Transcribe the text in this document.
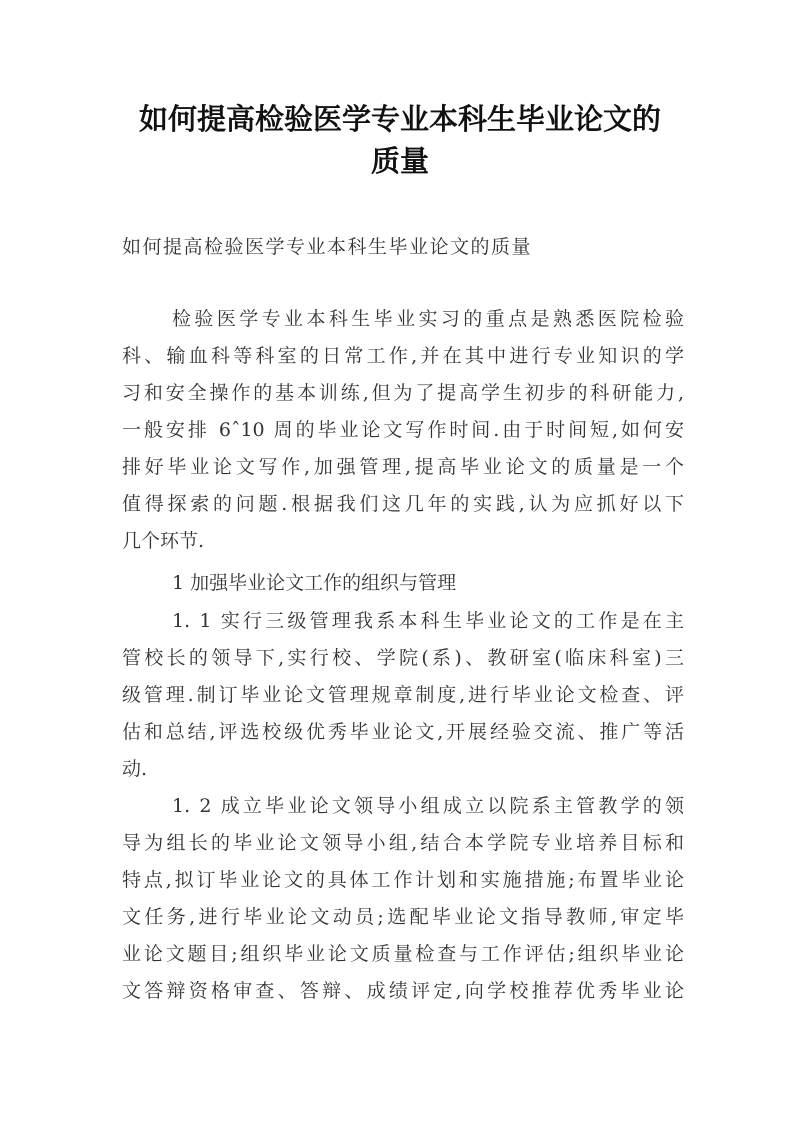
如何提高检验医学专业本科生毕业论文的
质量
如何提高检验医学专业本科生毕业论文的质量
检验医学专业本科生毕业实习的重点是熟悉医院检验
科、输血科等科室的日常工作,并在其中进行专业知识的学
习和安全操作的基本训练,但为了提高学生初步的科研能力,
一般安排 6ˆ10 周的毕业论文写作时间.由于时间短,如何安
排好毕业论文写作,加强管理,提高毕业论文的质量是一个
值得探索的问题.根据我们这几年的实践,认为应抓好以下
几个环节.
1 加强毕业论文工作的组织与管理
1. 1 实行三级管理我系本科生毕业论文的工作是在主
管校长的领导下,实行校、学院(系)、教研室(临床科室)三
级管理.制订毕业论文管理规章制度,进行毕业论文检查、评
估和总结,评选校级优秀毕业论文,开展经验交流、推广等活
动.
1. 2 成立毕业论文领导小组成立以院系主管教学的领
导为组长的毕业论文领导小组,结合本学院专业培养目标和
特点,拟订毕业论文的具体工作计划和实施措施;布置毕业论
文任务,进行毕业论文动员;选配毕业论文指导教师,审定毕
业论文题目;组织毕业论文质量检查与工作评估;组织毕业论
文答辩资格审查、答辩、成绩评定,向学校推荐优秀毕业论
